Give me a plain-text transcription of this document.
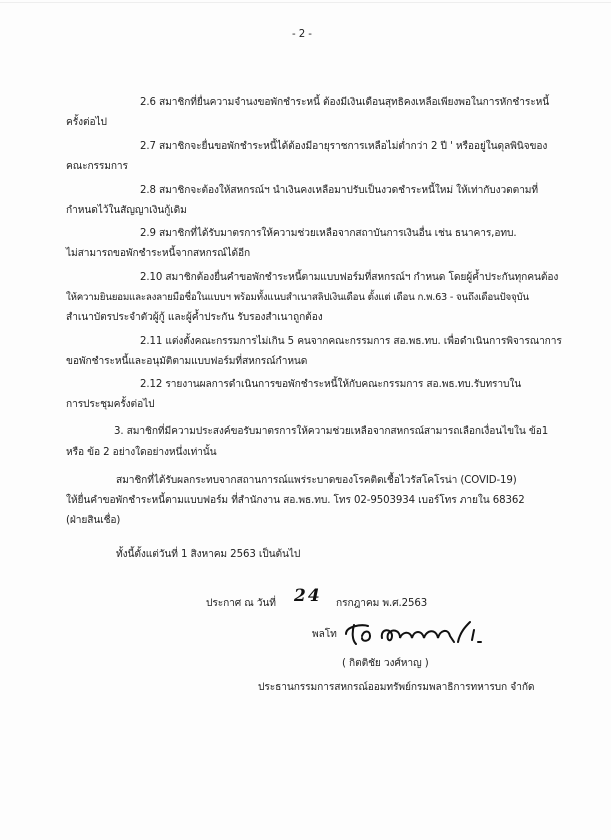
- 2 -
2.6 สมาชิกที่ยื่นความจำนงขอพักชำระหนี้ ต้องมีเงินเดือนสุทธิคงเหลือเพียงพอในการหักชำระหนี้
ครั้งต่อไป
2.7 สมาชิกจะยื่นขอพักชำระหนี้ได้ต้องมีอายุราชการเหลือไม่ต่ำกว่า 2 ปี ' หรืออยู่ในดุลพินิจของ
คณะกรรมการ
2.8 สมาชิกจะต้องให้สหกรณ์ฯ นำเงินคงเหลือมาปรับเป็นงวดชำระหนี้ใหม่ ให้เท่ากับงวดตามที่
กำหนดไว้ในสัญญาเงินกู้เดิม
2.9 สมาชิกที่ได้รับมาตรการให้ความช่วยเหลือจากสถาบันการเงินอื่น เช่น ธนาคาร,อทบ.
ไม่สามารถขอพักชำระหนี้จากสหกรณ์ได้อีก
2.10 สมาชิกต้องยื่นคำขอพักชำระหนี้ตามแบบฟอร์มที่สหกรณ์ฯ กำหนด โดยผู้ค้ำประกันทุกคนต้อง
ให้ความยินยอมและลงลายมือชื่อในแบบฯ พร้อมทั้งแนบสำเนาสลิปเงินเดือน ตั้งแต่ เดือน ก.พ.63 - จนถึงเดือนปัจจุบัน
สำเนาบัตรประจำตัวผู้กู้ และผู้ค้ำประกัน รับรองสำเนาถูกต้อง
2.11 แต่งตั้งคณะกรรมการไม่เกิน 5 คนจากคณะกรรมการ สอ.พธ.ทบ. เพื่อดำเนินการพิจารณาการ
ขอพักชำระหนี้และอนุมัติตามแบบฟอร์มที่สหกรณ์กำหนด
2.12 รายงานผลการดำเนินการขอพักชำระหนี้ให้กับคณะกรรมการ สอ.พธ.ทบ.รับทราบใน
การประชุมครั้งต่อไป
3. สมาชิกที่มีความประสงค์ขอรับมาตรการให้ความช่วยเหลือจากสหกรณ์สามารถเลือกเงื่อนไขใน ข้อ1
หรือ ข้อ 2 อย่างใดอย่างหนึ่งเท่านั้น
สมาชิกที่ได้รับผลกระทบจากสถานการณ์แพร่ระบาดของโรคติดเชื้อไวรัสโคโรน่า (COVID-19)
ให้ยื่นคำขอพักชำระหนี้ตามแบบฟอร์ม ที่สำนักงาน สอ.พธ.ทบ. โทร 02-9503934 เบอร์โทร ภายใน 68362
(ฝ่ายสินเชื่อ)
ทั้งนี้ตั้งแต่วันที่ 1 สิงหาคม 2563 เป็นต้นไป
ประกาศ ณ วันที่ 24 กรกฎาคม พ.ศ.2563
พลโท
( กิตติชัย วงศ์หาญ )
ประธานกรรมการสหกรณ์ออมทรัพย์กรมพลาธิการทหารบก จำกัด
